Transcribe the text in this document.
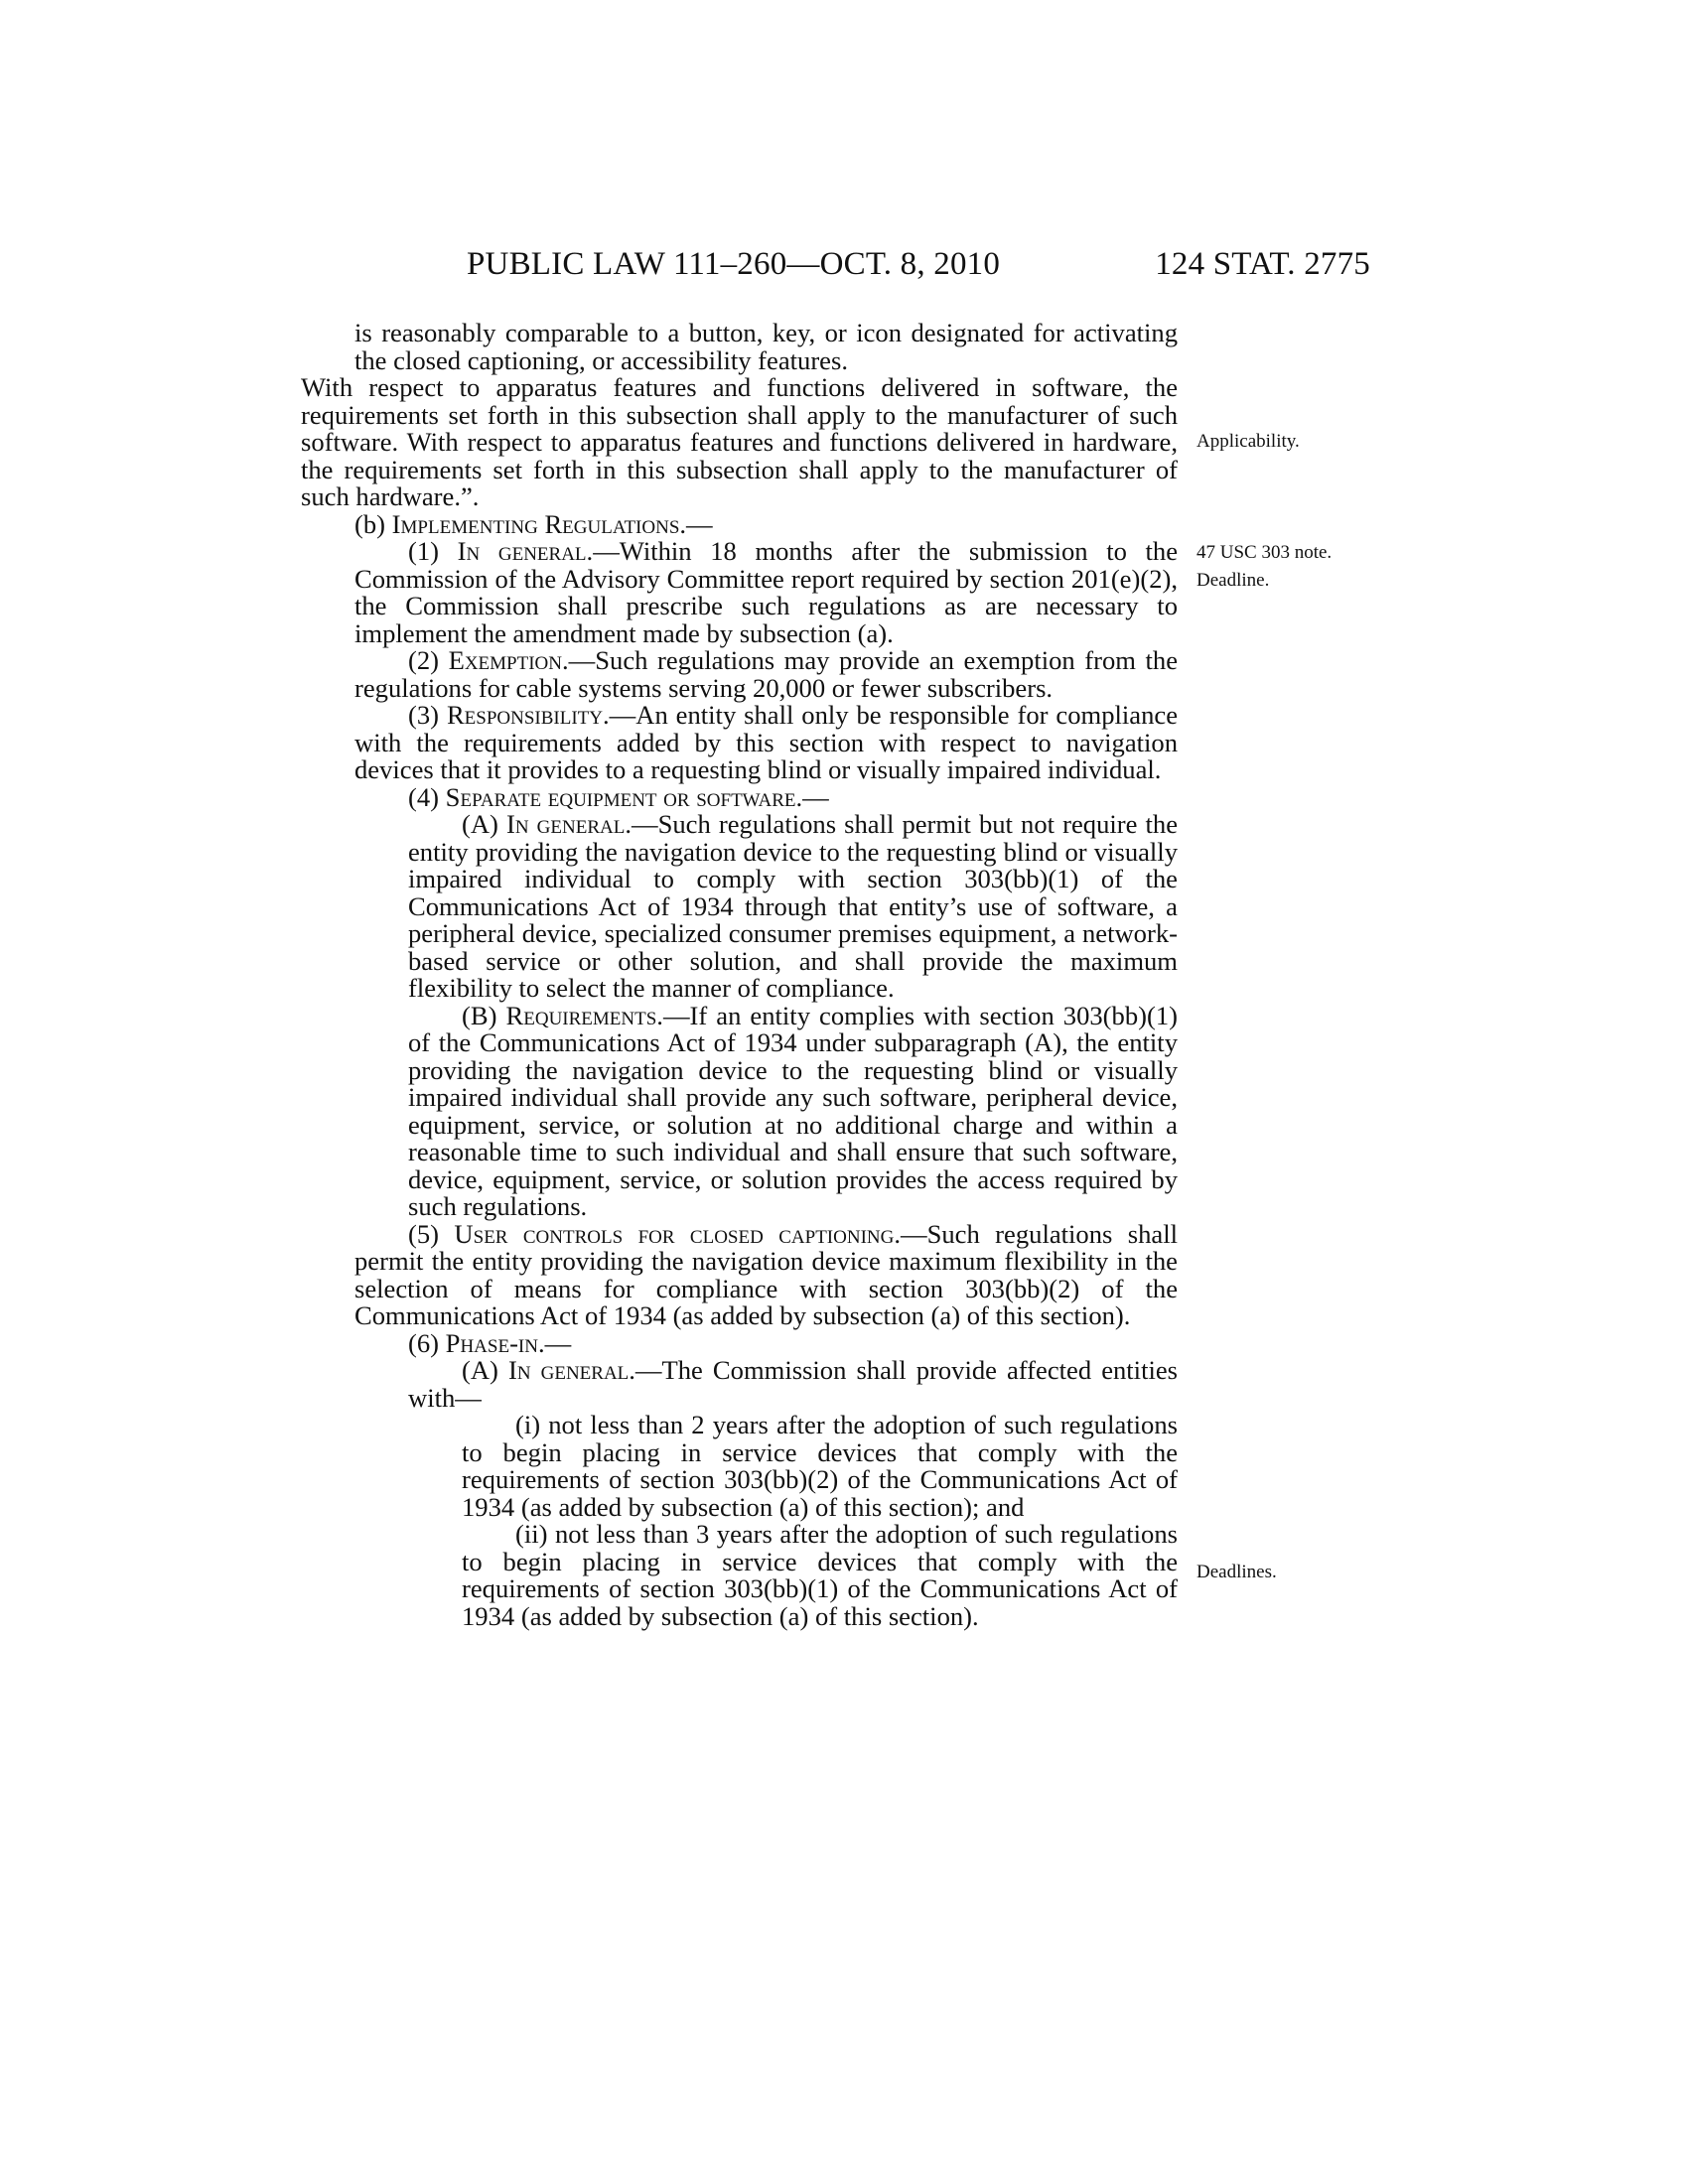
PUBLIC LAW 111–260—OCT. 8, 2010	124 STAT. 2775

is reasonably comparable to a button, key, or icon designated for activating the closed captioning, or accessibility features.

With respect to apparatus features and functions delivered in software, the requirements set forth in this subsection shall apply to the manufacturer of such software. With respect to apparatus features and functions delivered in hardware, the requirements set forth in this subsection shall apply to the manufacturer of such hardware.”.

(b) Implementing Regulations.—

(1) In general.—Within 18 months after the submission to the Commission of the Advisory Committee report required by section 201(e)(2), the Commission shall prescribe such regulations as are necessary to implement the amendment made by subsection (a).

(2) Exemption.—Such regulations may provide an exemption from the regulations for cable systems serving 20,000 or fewer subscribers.

(3) Responsibility.—An entity shall only be responsible for compliance with the requirements added by this section with respect to navigation devices that it provides to a requesting blind or visually impaired individual.

(4) Separate equipment or software.—

(A) In general.—Such regulations shall permit but not require the entity providing the navigation device to the requesting blind or visually impaired individual to comply with section 303(bb)(1) of the Communications Act of 1934 through that entity’s use of software, a peripheral device, specialized consumer premises equipment, a network-based service or other solution, and shall provide the maximum flexibility to select the manner of compliance.

(B) Requirements.—If an entity complies with section 303(bb)(1) of the Communications Act of 1934 under subparagraph (A), the entity providing the navigation device to the requesting blind or visually impaired individual shall provide any such software, peripheral device, equipment, service, or solution at no additional charge and within a reasonable time to such individual and shall ensure that such software, device, equipment, service, or solution provides the access required by such regulations.

(5) User controls for closed captioning.—Such regulations shall permit the entity providing the navigation device maximum flexibility in the selection of means for compliance with section 303(bb)(2) of the Communications Act of 1934 (as added by subsection (a) of this section).

(6) Phase-in.—

(A) In general.—The Commission shall provide affected entities with—

(i) not less than 2 years after the adoption of such regulations to begin placing in service devices that comply with the requirements of section 303(bb)(2) of the Communications Act of 1934 (as added by subsection (a) of this section); and

(ii) not less than 3 years after the adoption of such regulations to begin placing in service devices that comply with the requirements of section 303(bb)(1) of the Communications Act of 1934 (as added by subsection (a) of this section).

Applicability.
47 USC 303 note.
Deadline.
Deadlines.
